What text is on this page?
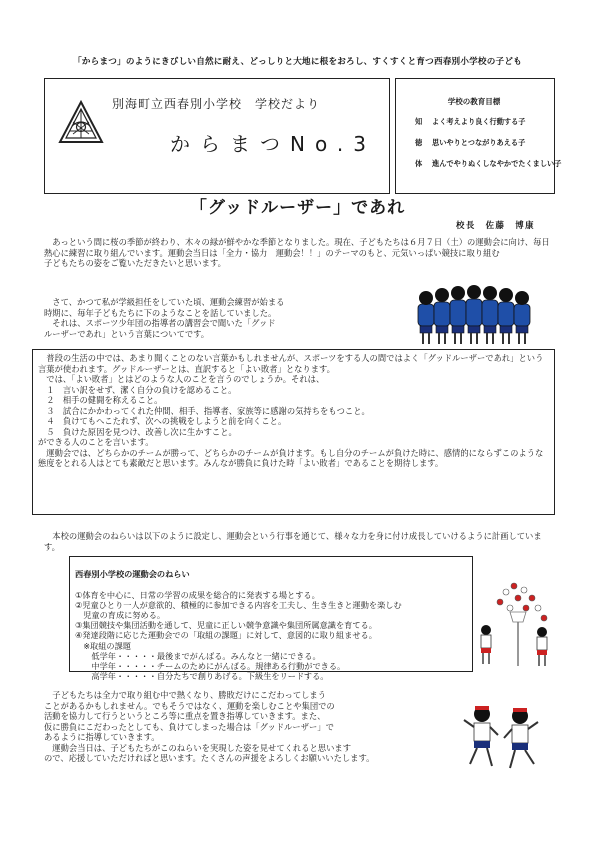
「からまつ」のようにきびしい自然に耐え、どっしりと大地に根をおろし、すくすくと育つ西春別小学校の子ども
別海町立西春別小学校　学校だより
からまつNo.3
学校の教育目標
知 よく考えより良く行動する子
徳 思いやりとつながりあえる子
体 進んでやりぬくしなやかでたくましい子
「グッドルーザー」であれ
校長　佐藤　博康

　あっという間に桜の季節が終わり、木々の緑が鮮やかな季節となりました。現在、子どもたちは６月７日（土）の運動会に向け、毎日熱心に練習に取り組んでいます。運動会当日は「全力・協力　運動会！！」のテーマのもと、元気いっぱい競技に取り組む
子どもたちの姿をご覧いただきたいと思います。

　さて、かつて私が学級担任をしていた頃、運動会練習が始まる
時期に、毎年子どもたちに下のようなことを話していました。
　それは、スポーツ少年団の指導者の講習会で聞いた「グッド
ルーザーであれ」という言葉についてです。

　普段の生活の中では、あまり聞くことのない言葉かもしれませんが、スポーツをする人の間ではよく「グッドルーザーであれ」という言葉が使われます。グッドルーザーとは、直訳すると「よい敗者」となります。
　では、「よい敗者」とはどのような人のことを言うのでしょうか。それは、
　１　言い訳をせず、潔く自分の負けを認めること。
　２　相手の健闘を称えること。
　３　試合にかかわってくれた仲間、相手、指導者、家族等に感謝の気持ちをもつこと。
　４　負けてもへこたれず、次への挑戦をしようと前を向くこと。
　５　負けた原因を見つけ、改善し次に生かすこと。
ができる人のことを言います。
　運動会では、どちらかのチームが勝って、どちらかのチームが負けます。もし自分のチームが負けた時に、感情的にならずこのような態度をとれる人はとても素敵だと思います。みんなが勝負に負けた時「よい敗者」であることを期待します。

　本校の運動会のねらいは以下のように設定し、運動会という行事を通じて、様々な力を身に付け成長していけるように計画しています。

西春別小学校の運動会のねらい

①体育を中心に、日常の学習の成果を総合的に発表する場とする。
②児童ひとり一人が意欲的、積極的に参加できる内容を工夫し、生き生きと運動を楽しむ
　児童の育成に努める。
③集団競技や集団活動を通して、児童に正しい競争意識や集団所属意識を育てる。
④発達段階に応じた運動会での「取組の課題」に対して、意図的に取り組ませる。
　※取組の課題
　　低学年・・・・・最後までがんばる。みんなと一緒にできる。
　　中学年・・・・・チームのためにがんばる。規律ある行動ができる。
　　高学年・・・・・自分たちで創りあげる。下級生をリードする。

　子どもたちは全力で取り組む中で熱くなり、勝敗だけにこだわってしまう
ことがあるかもしれません。でもそうではなく、運動を楽しむことや集団での
活動を協力して行うというところ等に重点を置き指導していきます。また、
仮に勝負にこだわったとしても、負けてしまった場合は「グッドルーザー」で
あるように指導していきます。
　運動会当日は、子どもたちがこのねらいを実現した姿を見せてくれると思います
ので、応援していただければと思います。たくさんの声援をよろしくお願いいたします。
